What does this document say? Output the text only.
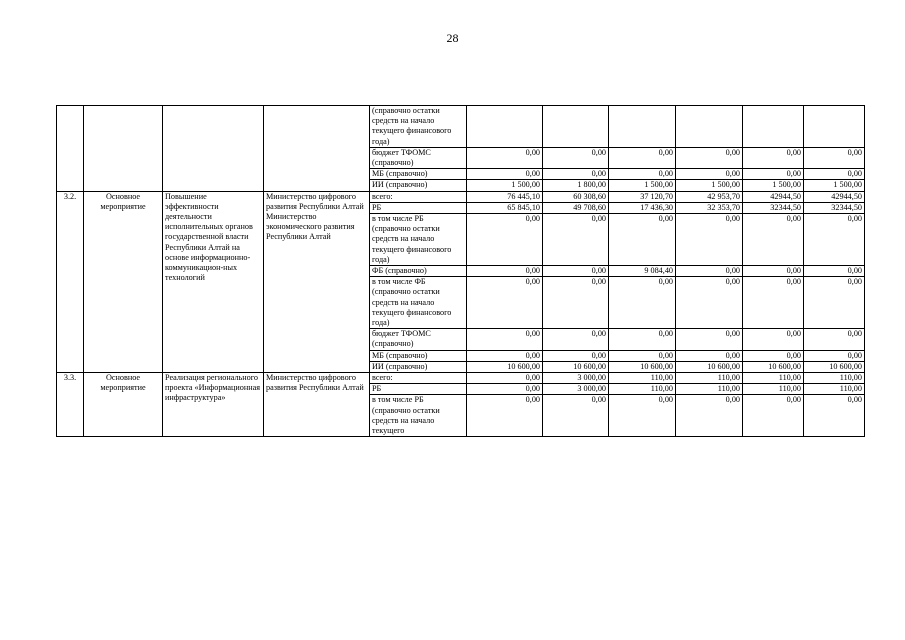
28
				(справочно остатки средств на начало текущего финансового года)						
				бюджет ТФОМС (справочно)	0,00	0,00	0,00	0,00	0,00	0,00
				МБ (справочно)	0,00	0,00	0,00	0,00	0,00	0,00
				ИИ (справочно)	1 500,00	1 800,00	1 500,00	1 500,00	1 500,00	1 500,00
3.2.	Основное мероприятие	Повышение эффективности деятельности исполнительных органов государственной власти Республики Алтай на основе информационно-коммуникацион-ных технологий	Министерство цифрового развития Республики Алтай Министерство экономического развития Республики Алтай	всего:	76 445,10	60 308,60	37 120,70	42 953,70	42944,50	42944,50
				РБ	65 845,10	49 708,60	17 436,30	32 353,70	32344,50	32344,50
				в том числе РБ (справочно остатки средств на начало текущего финансового года)	0,00	0,00	0,00	0,00	0,00	0,00
				ФБ (справочно)	0,00	0,00	9 084,40	0,00	0,00	0,00
				в том числе ФБ (справочно остатки средств на начало текущего финансового года)	0,00	0,00	0,00	0,00	0,00	0,00
				бюджет ТФОМС (справочно)	0,00	0,00	0,00	0,00	0,00	0,00
				МБ (справочно)	0,00	0,00	0,00	0,00	0,00	0,00
				ИИ (справочно)	10 600,00	10 600,00	10 600,00	10 600,00	10 600,00	10 600,00
3.3.	Основное мероприятие	Реализация регионального проекта «Информационная инфраструктура»	Министерство цифрового развития Республики Алтай	всего:	0,00	3 000,00	110,00	110,00	110,00	110,00
				РБ	0,00	3 000,00	110,00	110,00	110,00	110,00
				в том числе РБ (справочно остатки средств на начало текущего	0,00	0,00	0,00	0,00	0,00	0,00
